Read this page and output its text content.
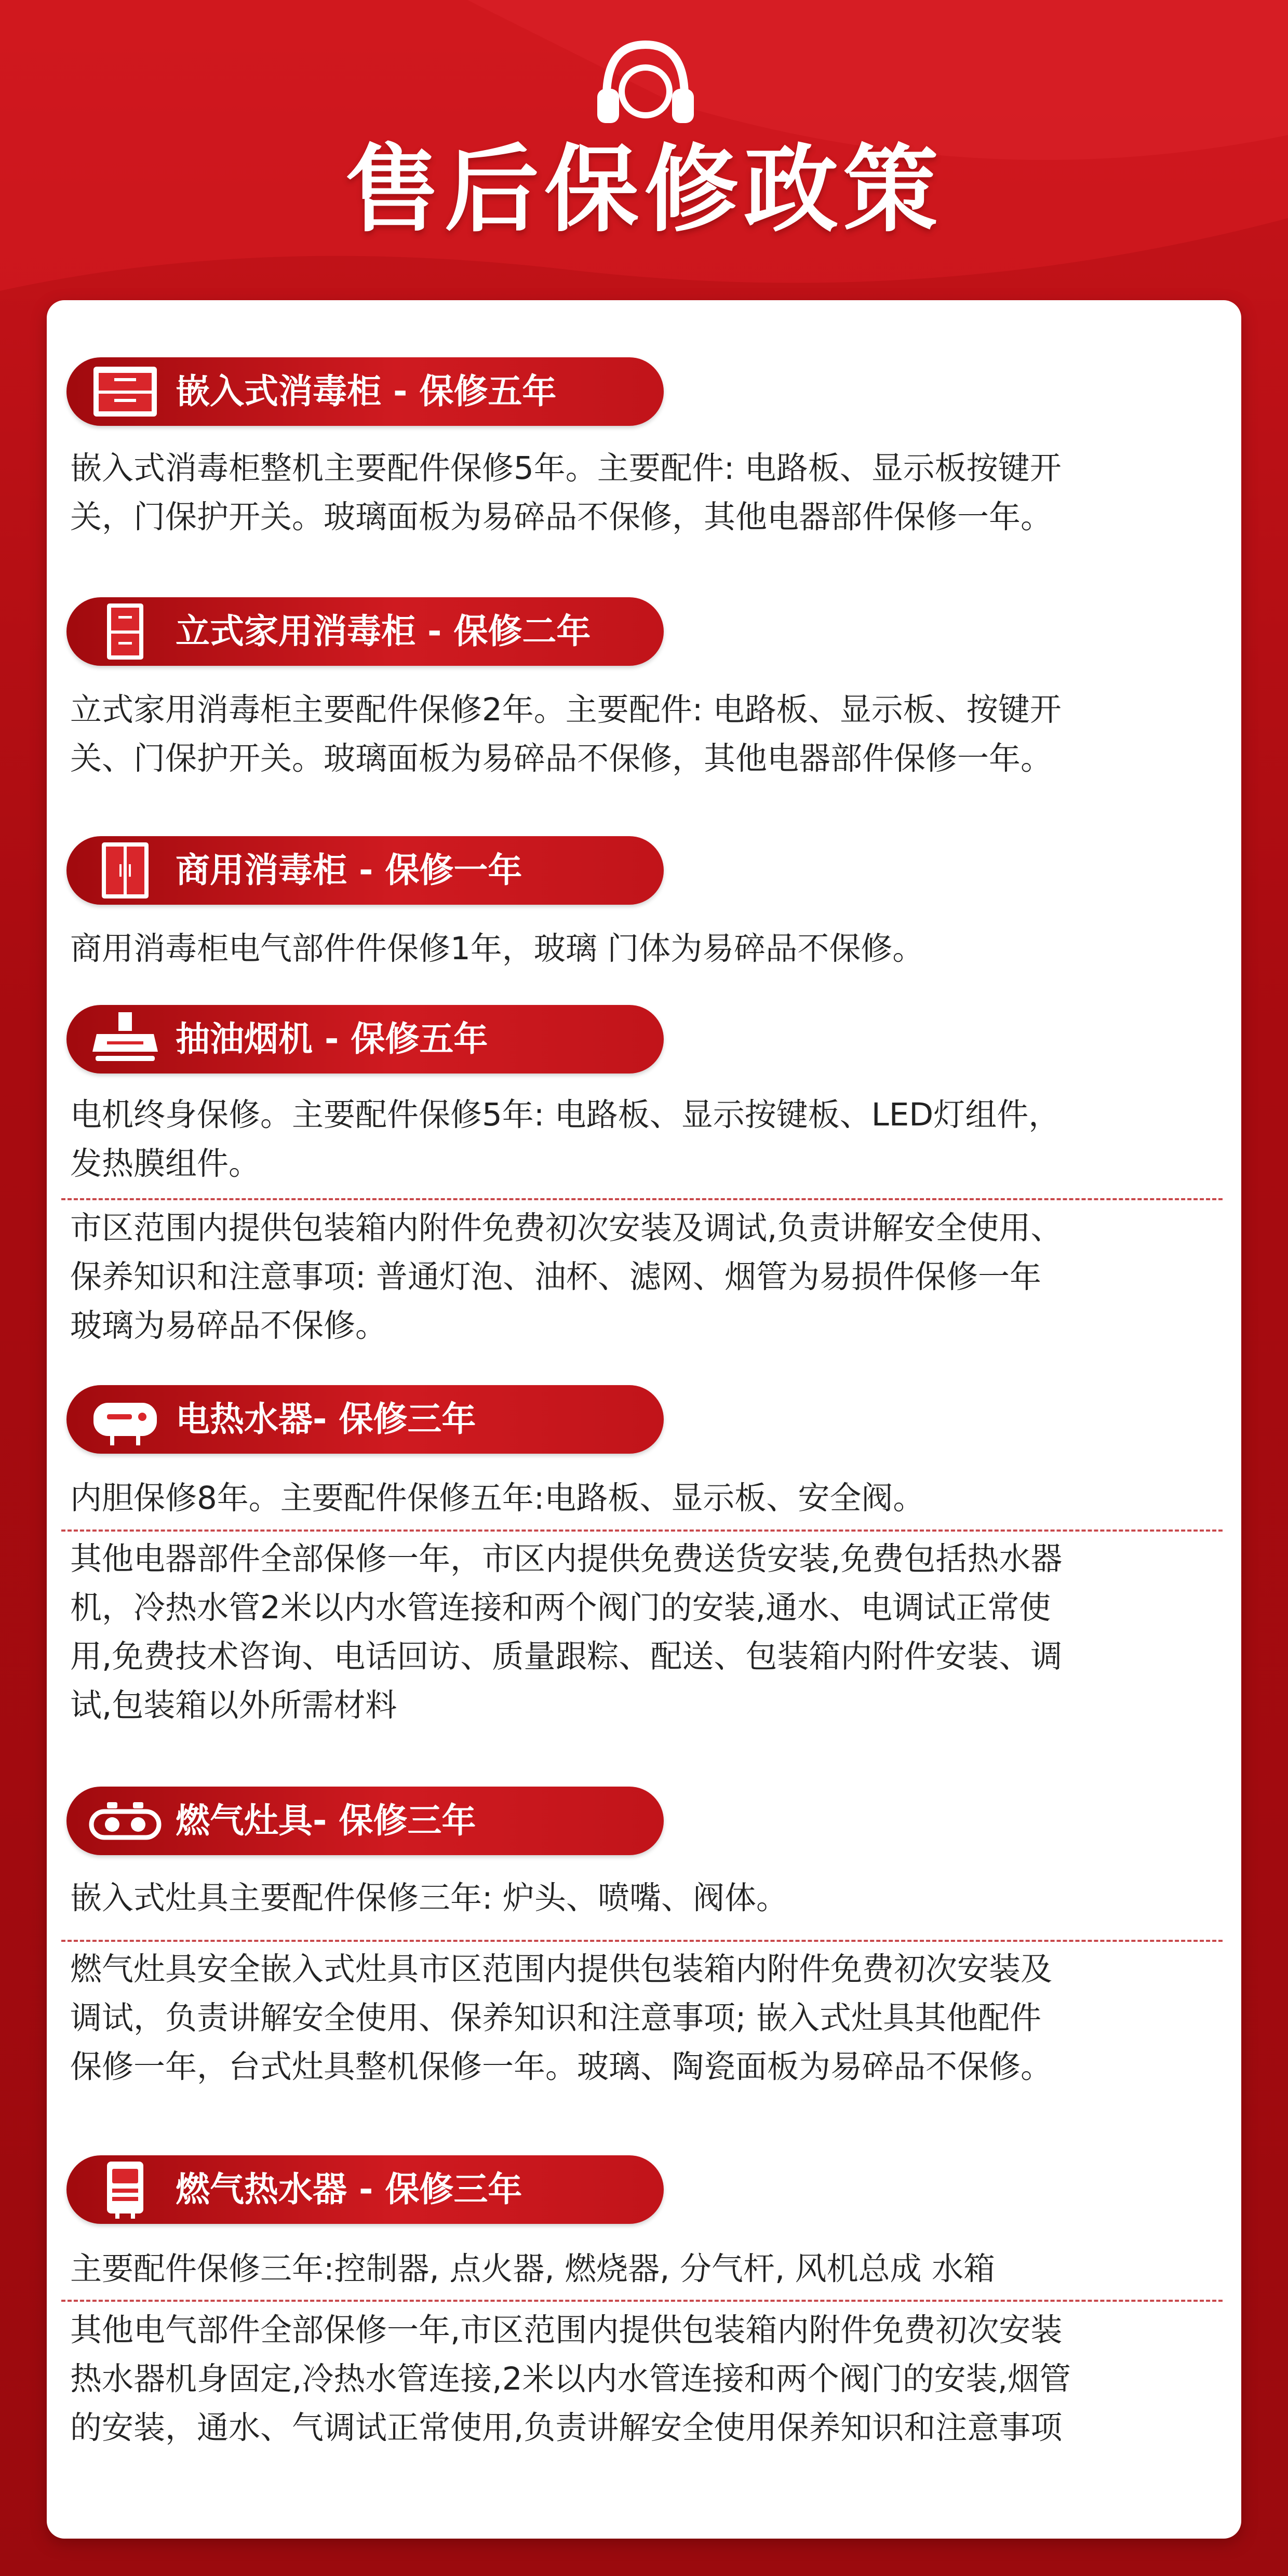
售后保修政策
嵌入式消毒柜 - 保修五年
嵌入式消毒柜整机主要配件保修5年。主要配件: 电路板、显示板按键开
关，门保护开关。玻璃面板为易碎品不保修，其他电器部件保修一年。
立式家用消毒柜 - 保修二年
立式家用消毒柜主要配件保修2年。主要配件: 电路板、显示板、按键开
关、门保护开关。玻璃面板为易碎品不保修，其他电器部件保修一年。
商用消毒柜 - 保修一年
商用消毒柜电气部件件保修1年，玻璃 门体为易碎品不保修。
抽油烟机 - 保修五年
电机终身保修。主要配件保修5年: 电路板、显示按键板、LED灯组件，
发热膜组件。
市区范围内提供包装箱内附件免费初次安装及调试,负责讲解安全使用、
保养知识和注意事项: 普通灯泡、油杯、滤网、烟管为易损件保修一年
玻璃为易碎品不保修。
电热水器- 保修三年
内胆保修8年。主要配件保修五年:电路板、显示板、安全阀。
其他电器部件全部保修一年，市区内提供免费送货安装,免费包括热水器
机，冷热水管2米以内水管连接和两个阀门的安装,通水、电调试正常使
用,免费技术咨询、电话回访、质量跟粽、配送、包装箱内附件安装、调
试,包装箱以外所需材料
燃气灶具- 保修三年
嵌入式灶具主要配件保修三年: 炉头、喷嘴、阀体。
燃气灶具安全嵌入式灶具市区范围内提供包装箱内附件免费初次安装及
调试，负责讲解安全使用、保养知识和注意事项; 嵌入式灶具其他配件
保修一年，台式灶具整机保修一年。玻璃、陶瓷面板为易碎品不保修。
燃气热水器 - 保修三年
主要配件保修三年:控制器, 点火器, 燃烧器, 分气杆, 风机总成 水箱
其他电气部件全部保修一年,市区范围内提供包装箱内附件免费初次安装
热水器机身固定,冷热水管连接,2米以内水管连接和两个阀门的安装,烟管
的安装，通水、气调试正常使用,负责讲解安全使用保养知识和注意事项
